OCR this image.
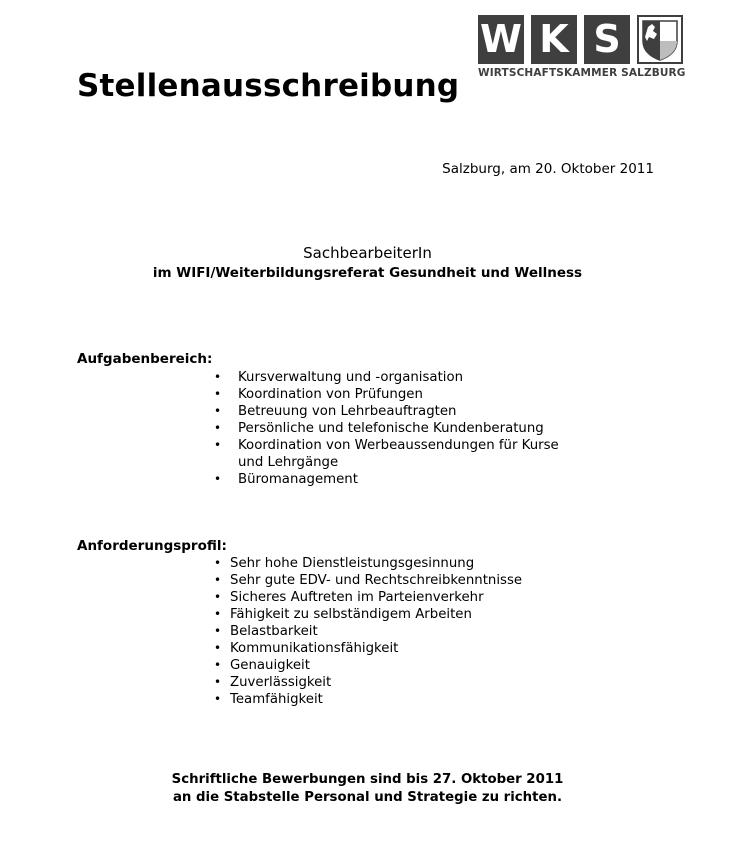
W K S
WIRTSCHAFTSKAMMER SALZBURG
Stellenausschreibung
Salzburg, am 20. Oktober 2011
SachbearbeiterIn
im WIFI/Weiterbildungsreferat Gesundheit und Wellness
Aufgabenbereich:
• Kursverwaltung und -organisation
• Koordination von Prüfungen
• Betreuung von Lehrbeauftragten
• Persönliche und telefonische Kundenberatung
• Koordination von Werbeaussendungen für Kurse und Lehrgänge
• Büromanagement
Anforderungsprofil:
• Sehr hohe Dienstleistungsgesinnung
• Sehr gute EDV- und Rechtschreibkenntnisse
• Sicheres Auftreten im Parteienverkehr
• Fähigkeit zu selbständigem Arbeiten
• Belastbarkeit
• Kommunikationsfähigkeit
• Genauigkeit
• Zuverlässigkeit
• Teamfähigkeit
Schriftliche Bewerbungen sind bis 27. Oktober 2011
an die Stabstelle Personal und Strategie zu richten.
